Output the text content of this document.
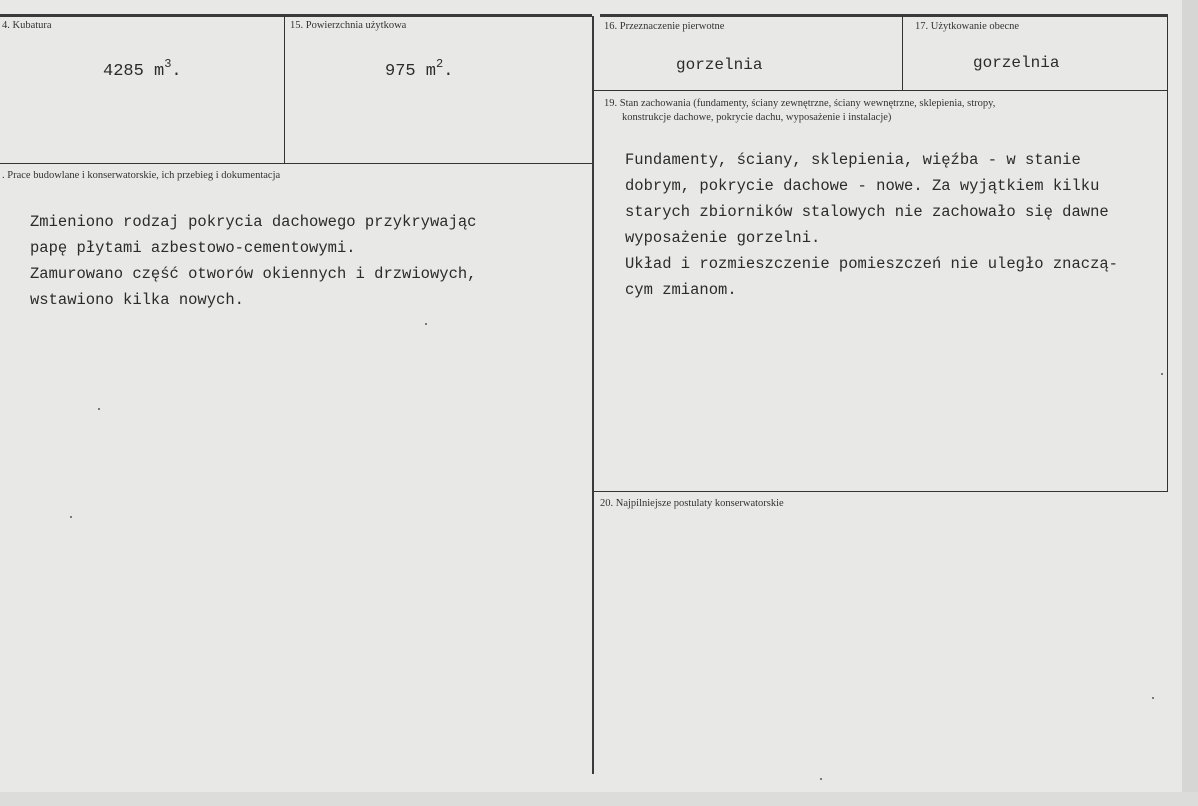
4. Kubatura
4285 $m^3$.
15. Powierzchnia użytkowa
975 $m^2$.
16. Przeznaczenie pierwotne
gorzelnia
17. Użytkowanie obecne
gorzelnia
. Prace budowlane i konserwatorskie, ich przebieg i dokumentacja
Zmieniono rodzaj pokrycia dachowego przykrywając
papę płytami azbestowo-cementowymi.
Zamurowano część otworów okiennych i drzwiowych,
wstawiono kilka nowych.
19. Stan zachowania (fundamenty, ściany zewnętrzne, ściany wewnętrzne, sklepienia, stropy,
konstrukcje dachowe, pokrycie dachu, wyposażenie i instalacje)
Fundamenty, ściany, sklepienia, więźba - w stanie
dobrym, pokrycie dachowe - nowe. Za wyjątkiem kilku
starych zbiorników stalowych nie zachowało się dawne
wyposażenie gorzelni.
Układ i rozmieszczenie pomieszczeń nie uległo znaczą-
cym zmianom.
20. Najpilniejsze postulaty konserwatorskie
